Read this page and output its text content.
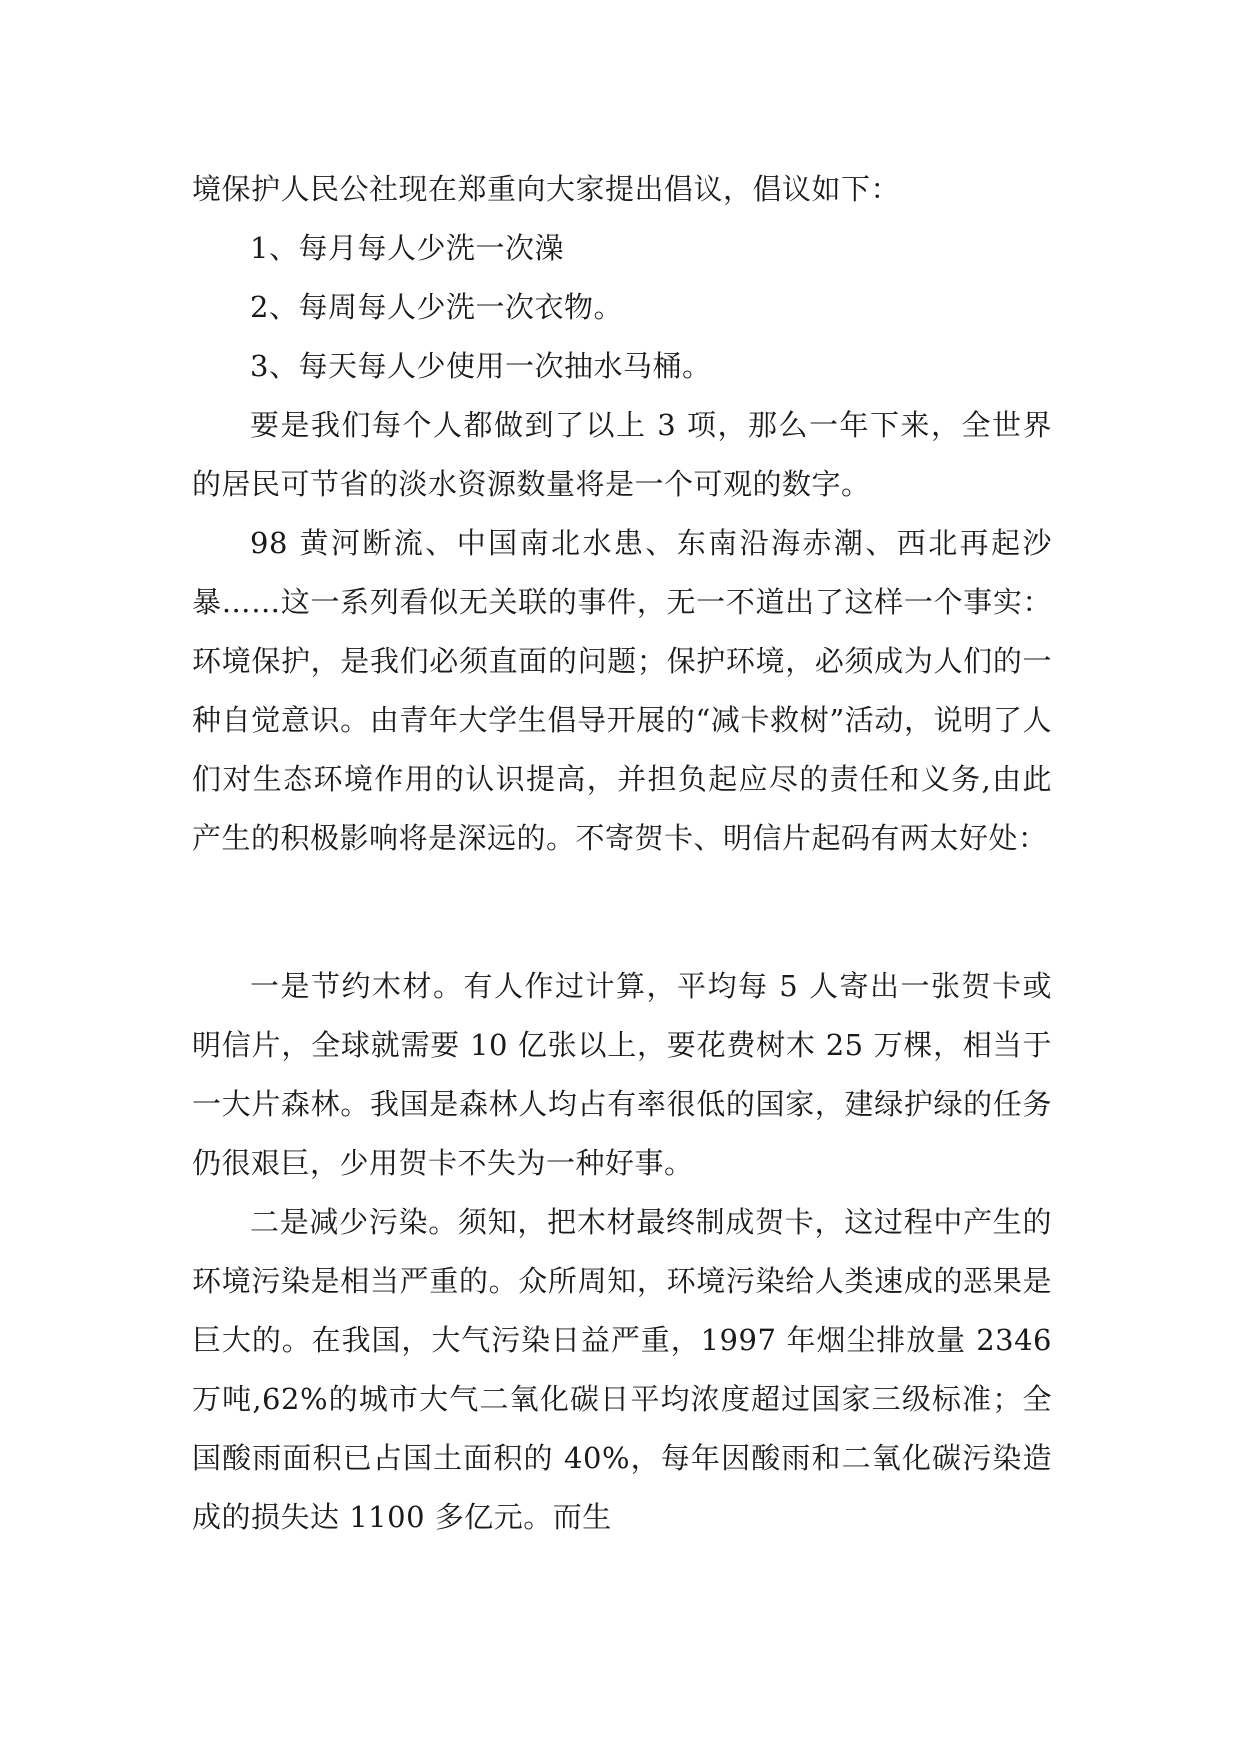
境保护人民公社现在郑重向大家提出倡议，倡议如下：

1、每月每人少洗一次澡

2、每周每人少洗一次衣物。

3、每天每人少使用一次抽水马桶。

要是我们每个人都做到了以上 3 项，那么一年下来，全世界的居民可节省的淡水资源数量将是一个可观的数字。

98 黄河断流、中国南北水患、东南沿海赤潮、西北再起沙暴……这一系列看似无关联的事件，无一不道出了这样一个事实：环境保护，是我们必须直面的问题；保护环境，必须成为人们的一种自觉意识。由青年大学生倡导开展的“减卡救树”活动，说明了人们对生态环境作用的认识提高，并担负起应尽的责任和义务,由此产生的积极影响将是深远的。不寄贺卡、明信片起码有两太好处：

一是节约木材。有人作过计算，平均每 5 人寄出一张贺卡或明信片，全球就需要 10 亿张以上，要花费树木 25 万棵，相当于一大片森林。我国是森林人均占有率很低的国家，建绿护绿的任务仍很艰巨，少用贺卡不失为一种好事。

二是减少污染。须知，把木材最终制成贺卡，这过程中产生的环境污染是相当严重的。众所周知，环境污染给人类速成的恶果是巨大的。在我国，大气污染日益严重，1997 年烟尘排放量 2346 万吨,62%的城市大气二氧化碳日平均浓度超过国家三级标准；全国酸雨面积已占国土面积的 40%，每年因酸雨和二氧化碳污染造成的损失达 1100 多亿元。而生
